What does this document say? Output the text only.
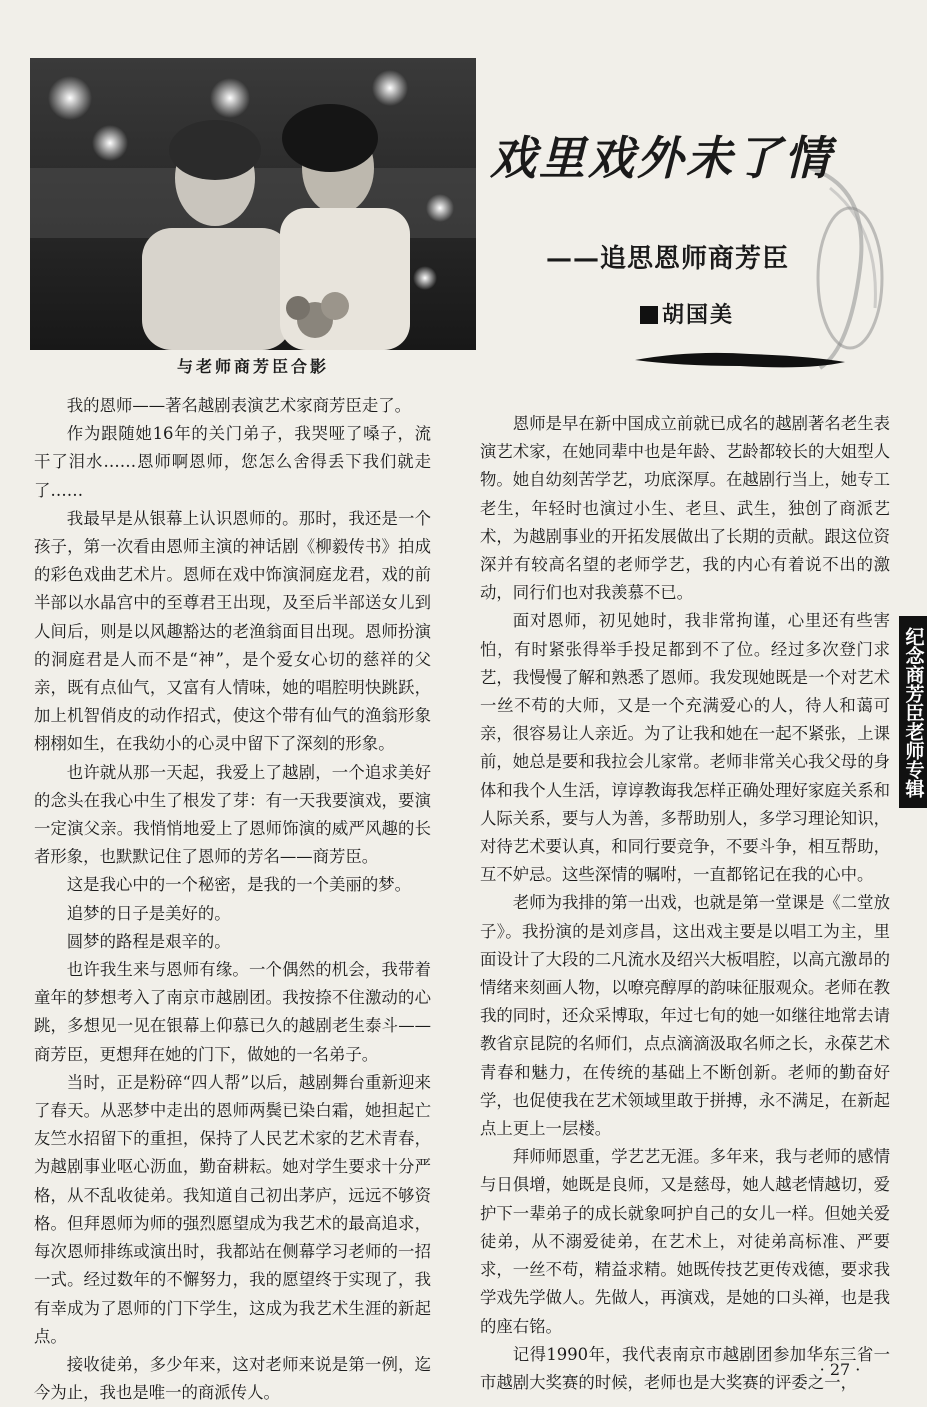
与老师商芳臣合影
戏里戏外未了情
——追思恩师商芳臣
胡国美

我的恩师——著名越剧表演艺术家商芳臣走了。

作为跟随她16年的关门弟子，我哭哑了嗓子，流干了泪水……恩师啊恩师，您怎么舍得丢下我们就走了……

我最早是从银幕上认识恩师的。那时，我还是一个孩子，第一次看由恩师主演的神话剧《柳毅传书》拍成的彩色戏曲艺术片。恩师在戏中饰演洞庭龙君，戏的前半部以水晶宫中的至尊君王出现，及至后半部送女儿到人间后，则是以风趣豁达的老渔翁面目出现。恩师扮演的洞庭君是人而不是“神”，是个爱女心切的慈祥的父亲，既有点仙气，又富有人情味，她的唱腔明快跳跃，加上机智俏皮的动作招式，使这个带有仙气的渔翁形象栩栩如生，在我幼小的心灵中留下了深刻的形象。

也许就从那一天起，我爱上了越剧，一个追求美好的念头在我心中生了根发了芽：有一天我要演戏，要演一定演父亲。我悄悄地爱上了恩师饰演的威严风趣的长者形象，也默默记住了恩师的芳名——商芳臣。

这是我心中的一个秘密，是我的一个美丽的梦。

追梦的日子是美好的。

圆梦的路程是艰辛的。

也许我生来与恩师有缘。一个偶然的机会，我带着童年的梦想考入了南京市越剧团。我按捺不住激动的心跳，多想见一见在银幕上仰慕已久的越剧老生泰斗——商芳臣，更想拜在她的门下，做她的一名弟子。

当时，正是粉碎“四人帮”以后，越剧舞台重新迎来了春天。从恶梦中走出的恩师两鬓已染白霜，她担起亡友竺水招留下的重担，保持了人民艺术家的艺术青春，为越剧事业呕心沥血，勤奋耕耘。她对学生要求十分严格，从不乱收徒弟。我知道自己初出茅庐，远远不够资格。但拜恩师为师的强烈愿望成为我艺术的最高追求，每次恩师排练或演出时，我都站在侧幕学习老师的一招一式。经过数年的不懈努力，我的愿望终于实现了，我有幸成为了恩师的门下学生，这成为我艺术生涯的新起点。

接收徒弟，多少年来，这对老师来说是第一例，迄今为止，我也是唯一的商派传人。

恩师是早在新中国成立前就已成名的越剧著名老生表演艺术家，在她同辈中也是年龄、艺龄都较长的大姐型人物。她自幼刻苦学艺，功底深厚。在越剧行当上，她专工老生，年轻时也演过小生、老旦、武生，独创了商派艺术，为越剧事业的开拓发展做出了长期的贡献。跟这位资深并有较高名望的老师学艺，我的内心有着说不出的激动，同行们也对我羡慕不已。

面对恩师，初见她时，我非常拘谨，心里还有些害怕，有时紧张得举手投足都到不了位。经过多次登门求艺，我慢慢了解和熟悉了恩师。我发现她既是一个对艺术一丝不苟的大师，又是一个充满爱心的人，待人和蔼可亲，很容易让人亲近。为了让我和她在一起不紧张，上课前，她总是要和我拉会儿家常。老师非常关心我父母的身体和我个人生活，谆谆教诲我怎样正确处理好家庭关系和人际关系，要与人为善，多帮助别人，多学习理论知识，对待艺术要认真，和同行要竞争，不要斗争，相互帮助，互不妒忌。这些深情的嘱咐，一直都铭记在我的心中。

老师为我排的第一出戏，也就是第一堂课是《二堂放子》。我扮演的是刘彦昌，这出戏主要是以唱工为主，里面设计了大段的二凡流水及绍兴大板唱腔，以高亢激昂的情绪来刻画人物，以嘹亮醇厚的韵味征服观众。老师在教我的同时，还众采博取，年过七旬的她一如继往地常去请教省京昆院的名师们，点点滴滴汲取名师之长，永葆艺术青春和魅力，在传统的基础上不断创新。老师的勤奋好学，也促使我在艺术领域里敢于拼搏，永不满足，在新起点上更上一层楼。

拜师师恩重，学艺艺无涯。多年来，我与老师的感情与日俱增，她既是良师，又是慈母，她人越老情越切，爱护下一辈弟子的成长就象呵护自己的女儿一样。但她关爱徒弟，从不溺爱徒弟，在艺术上，对徒弟高标准、严要求，一丝不苟，精益求精。她既传技艺更传戏德，要求我学戏先学做人。先做人，再演戏，是她的口头禅，也是我的座右铭。

记得1990年，我代表南京市越剧团参加华东三省一市越剧大奖赛的时候，老师也是大奖赛的评委之一，

纪念商芳臣老师专辑
· 27 ·
